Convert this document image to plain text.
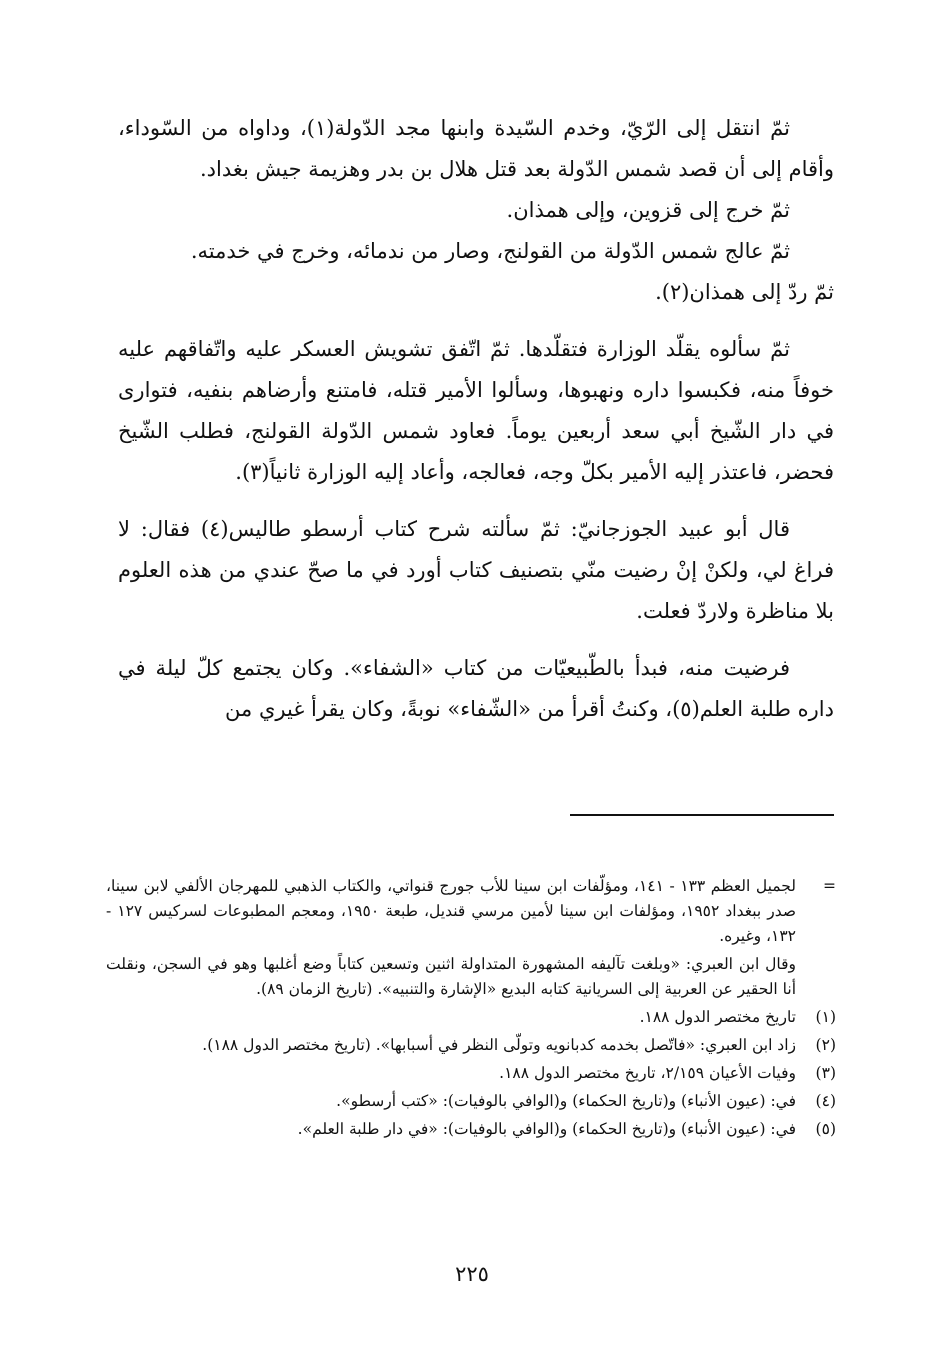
ثمّ انتقل إلى الرّيّ، وخدم السّيدة وابنها مجد الدّولة(١)، وداواه من السّوداء، وأقام إلى أن قصد شمس الدّولة بعد قتل هلال بن بدر وهزيمة جيش بغداد.

ثمّ خرج إلى قزوين، وإلى همذان.

ثمّ عالج شمس الدّولة من القولنج، وصار من ندمائه، وخرج في خدمته.

ثمّ ردّ إلى همذان(٢).

ثمّ سألوه يقلّد الوزارة فتقلّدها. ثمّ اتّفق تشويش العسكر عليه واتّفاقهم عليه خوفاً منه، فكبسوا داره ونهبوها، وسألوا الأمير قتله، فامتنع وأرضاهم بنفيه، فتوارى في دار الشّيخ أبي سعد أربعين يوماً. فعاود شمس الدّولة القولنج، فطلب الشّيخ فحضر، فاعتذر إليه الأمير بكلّ وجه، فعالجه، وأعاد إليه الوزارة ثانياً(٣).

قال أبو عبيد الجوزجانيّ: ثمّ سألته شرح كتاب أرسطو طاليس(٤) فقال: لا فراغ لي، ولكنْ إنْ رضيت منّي بتصنيف كتاب أورد في ما صحّ عندي من هذه العلوم بلا مناظرة ولاردّ فعلت.

فرضيت منه، فبدأ بالطّبيعيّات من كتاب «الشفاء». وكان يجتمع كلّ ليلة في داره طلبة العلم(٥)، وكنتُ أقرأ من «الشّفاء» نوبةً، وكان يقرأ غيري من

=
لجميل العظم ١٣٣ - ١٤١، ومؤلّفات ابن سينا للأب جورج قنواتي، والكتاب الذهبي للمهرجان الألفي لابن سينا، صدر ببغداد ١٩٥٢، ومؤلفات ابن سينا لأمين مرسي قنديل، طبعة ١٩٥٠، ومعجم المطبوعات لسركيس ١٢٧ - ١٣٢، وغيره.
وقال ابن العبري: «وبلغت تآليفه المشهورة المتداولة اثنين وتسعين كتاباً وضع أغلبها وهو في السجن، ونقلت أنا الحقير عن العربية إلى السريانية كتابه البديع «الإشارة والتنبيه». (تاريخ الزمان ٨٩).
(١)
تاريخ مختصر الدول ١٨٨.
(٢)
زاد ابن العبري: «فاتّصل بخدمه كدبانويه وتولّى النظر في أسبابها». (تاريخ مختصر الدول ١٨٨).
(٣)
وفيات الأعيان ٢/١٥٩، تاريخ مختصر الدول ١٨٨.
(٤)
في: (عيون الأنباء) و(تاريخ الحكماء) و(الوافي بالوفيات): «كتب أرسطو».
(٥)
في: (عيون الأنباء) و(تاريخ الحكماء) و(الوافي بالوفيات): «في دار طلبة العلم».
٢٢٥
